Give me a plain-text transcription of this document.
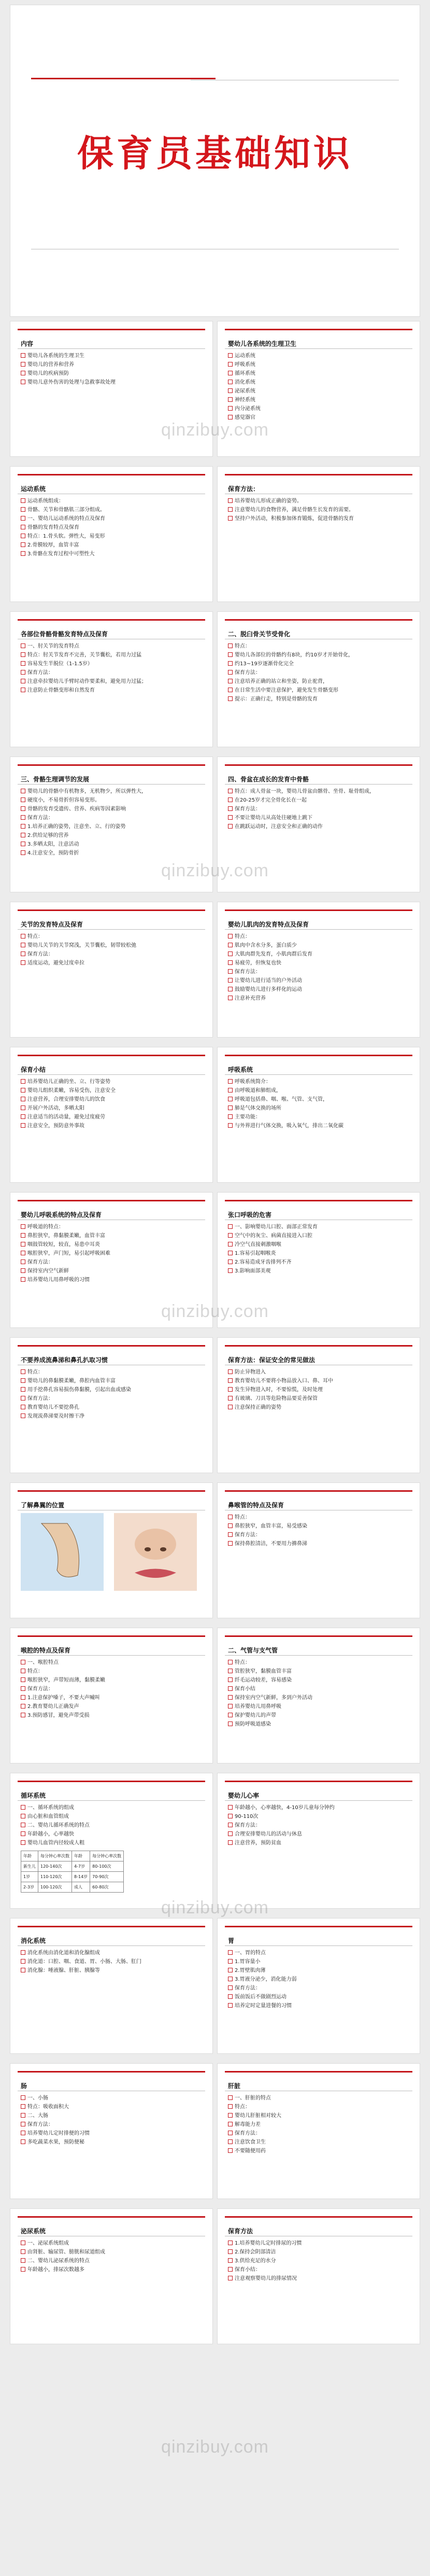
保育员基础知识
内容
婴幼儿各系统的生理卫生
婴幼儿的营养和营养
婴幼儿的疾病预防
婴幼儿意外伤害的处理与急救事故处理
婴幼儿各系统的生理卫生
运动系统
呼吸系统
循环系统
消化系统
泌尿系统
神经系统
内分泌系统
感觉器官
运动系统
运动系统组成：
骨骼、关节和骨骼肌三部分组成。
一、婴幼儿运动系统的特点及保育
骨骼的发育特点及保育
特点：1.骨头软。弹性大，易变形
2.骨膜较厚，血管丰富
3.骨骼在发育过程中可塑性大
保育方法：
培养婴幼儿形成正确的姿势。
注意婴幼儿的食物营养，满足骨骼生长发育的需要。
坚持户外活动，积极参加体育锻炼，促进骨骼的发育
各部位骨骼骨骼发育特点及保育
一、肘关节的发育特点
特点：肘关节发育不完善，关节囊松，若用力过猛
容易发生半脱位（1-1.5岁）
保育方法：
注意牵拉婴幼儿手臂时动作要柔和，避免用力过猛；
注意防止骨骼变形和自然发育
二、脱臼骨关节受骨化
特点：
婴幼儿各部位的骨骼约有8块，约10岁才开始骨化，
约13~19岁逐渐骨化完全
保育方法：
注意培养正确的站立和坐姿，防止驼背，
在日常生活中要注意保护，避免发生骨骼变形
提示：正确行走，特别是骨骼的发育
三、骨骼生理调节的发展
婴幼儿的骨骼中有机物多，无机物少，所以弹性大，
硬度小，不易骨折但容易变形。
骨骼的发育受遗传、营养、疾病等因素影响
保育方法：
1.培养正确的姿势，注意坐、立、行的姿势
2.供给足够的营养
3.多晒太阳，注意活动
4.注意安全，预防骨折
四、骨盆在成长的发育中骨骼
特点：成人骨盆一块，婴幼儿骨盆由髂骨、坐骨、耻骨组成，
在20-25岁才完全骨化长在一起
保育方法：
不要让婴幼儿从高处往硬地上跳下
在跳跃运动时，注意安全和正确的动作
关节的发育特点及保育
特点：
婴幼儿关节的关节窝浅，关节囊松，韧带较松弛
保育方法：
适度运动，避免过度牵拉
婴幼儿肌肉的发育特点及保育
特点：
肌肉中含水分多，蛋白质少
大肌肉群先发育，小肌肉群后发育
易疲劳，但恢复也快
保育方法：
让婴幼儿进行适当的户外活动
鼓励婴幼儿进行多样化的运动
注意补充营养
保育小结
培养婴幼儿正确的坐、立、行等姿势
婴幼儿组织柔嫩，容易受伤，注意安全
注意营养，合理安排婴幼儿的饮食
开展户外活动，多晒太阳
注意适当的活动量，避免过度疲劳
注意安全，预防意外事故
呼吸系统
呼吸系统简介：
由呼吸道和肺组成，
呼吸道包括鼻、咽、喉、气管、支气管，
肺是气体交换的场所
主要功能：
与外界进行气体交换，吸入氧气，排出二氧化碳
婴幼儿呼吸系统的特点及保育
呼吸道的特点：
鼻腔狭窄，鼻黏膜柔嫩，血管丰富
咽鼓管较短，较直，易患中耳炎
喉腔狭窄，声门短，易引起呼吸困难
保育方法：
保持室内空气新鲜
培养婴幼儿用鼻呼吸的习惯
张口呼吸的危害
一、影响婴幼儿口腔、面部正常发育
空气中的灰尘、病菌直接进入口腔
冷空气直接刺激咽喉
1.容易引起咽喉炎
2.容易造成牙齿排列不齐
3.影响面部美观
不要养成流鼻涕和鼻孔扒取习惯
特点：
婴幼儿的鼻黏膜柔嫩，鼻腔内血管丰富
用手挖鼻孔容易损伤鼻黏膜，引起出血或感染
保育方法：
教育婴幼儿不要挖鼻孔
发现流鼻涕要及时擦干净
保育方法：保证安全的常见做法
防止异物进入
教育婴幼儿不要将小物品放入口、鼻、耳中
发生异物进入时，不要惊慌，及时处理
有玻璃、刀具等危险物品要妥善保管
注意保持正确的姿势
了解鼻翼的位置	鼻喉管的特点及保育
特点：
鼻腔狭窄，血管丰富，易受感染
保育方法：
保持鼻腔清洁，不要用力擤鼻涕
喉腔的特点及保育
一、喉腔特点
特点：
喉腔狭窄，声带短而薄，黏膜柔嫩
保育方法：
1.注意保护嗓子，不要大声喊叫
2.教育婴幼儿正确发声
3.预防感冒，避免声带受损
二、气管与支气管
特点：
管腔狭窄，黏膜血管丰富
纤毛运动较差，容易感染
保育小结
保持室内空气新鲜，多到户外活动
培养婴幼儿用鼻呼吸
保护婴幼儿的声带
预防呼吸道感染
循环系统
一、循环系统的组成
由心脏和血管组成
二、婴幼儿循环系统的特点
年龄越小，心率越快
婴幼儿血管内径较成人粗
年龄	每分钟心率次数	年龄	每分钟心率次数
新生儿	120-140次	4-7岁	80-100次
1岁	110-120次	8-14岁	70-90次
2-3岁	100-120次	成人	60-80次
婴幼儿心率
年龄越小，心率越快，4-10岁儿童每分钟约
90-110次
保育方法：
合理安排婴幼儿的活动与休息
注意营养，预防贫血
消化系统
消化系统由消化道和消化腺组成
消化道：口腔、咽、食道、胃、小肠、大肠、肛门
消化腺：唾液腺、肝脏、胰腺等
胃
一、胃的特点
1.胃容量小
2.胃壁肌肉薄
3.胃液分泌少，消化能力弱
保育方法：
饭前饭后不做剧烈运动
培养定时定量进餐的习惯
肠
一、小肠
特点：吸收面积大
二、大肠
保育方法：
培养婴幼儿定时排便的习惯
多吃蔬菜水果，预防便秘
肝脏
一、肝脏的特点
特点：
婴幼儿肝脏相对较大
解毒能力差
保育方法：
注意饮食卫生
不要随便用药
泌尿系统
一、泌尿系统组成
由肾脏、输尿管、膀胱和尿道组成
二、婴幼儿泌尿系统的特点
年龄越小，排尿次数越多
保育方法
1.培养婴幼儿定时排尿的习惯
2.保持会阴部清洁
3.供给充足的水分
保育小结：
注意观察婴幼儿的排尿情况
qinzibuy.com
qinzibuy.com
qinzibuy.com
qinzibuy.com
qinzibuy.com
